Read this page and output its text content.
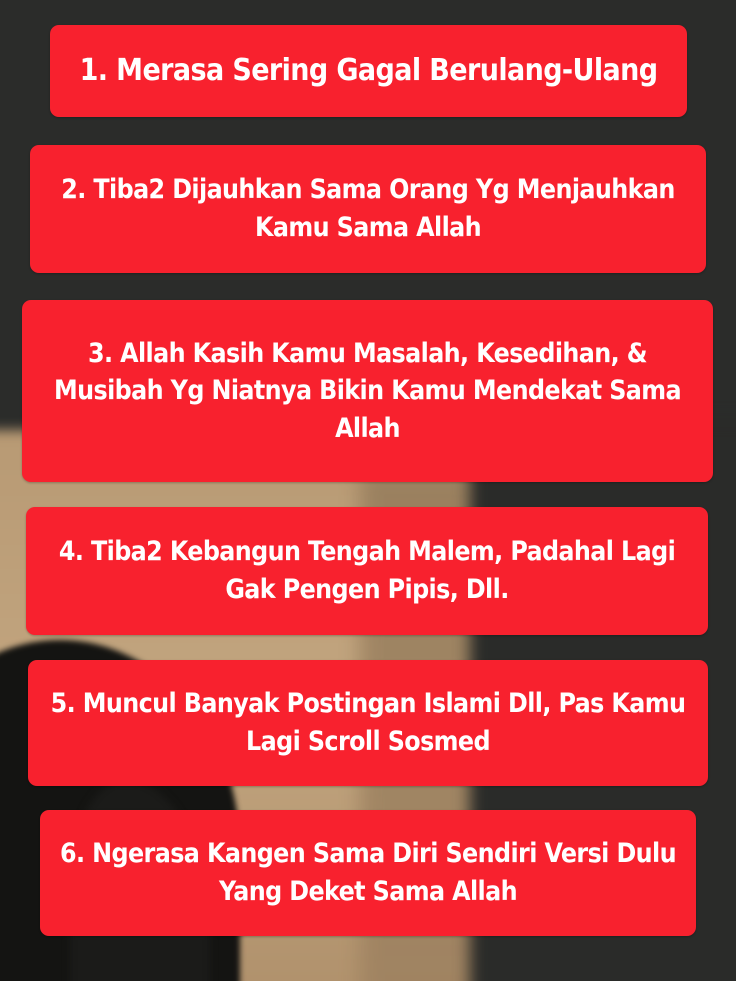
1. Merasa Sering Gagal Berulang-Ulang
2. Tiba2 Dijauhkan Sama Orang Yg Menjauhkan Kamu Sama Allah
3. Allah Kasih Kamu Masalah, Kesedihan, & Musibah Yg Niatnya Bikin Kamu Mendekat Sama Allah
4. Tiba2 Kebangun Tengah Malem, Padahal Lagi Gak Pengen Pipis, Dll.
5. Muncul Banyak Postingan Islami Dll, Pas Kamu Lagi Scroll Sosmed
6. Ngerasa Kangen Sama Diri Sendiri Versi Dulu Yang Deket Sama Allah
